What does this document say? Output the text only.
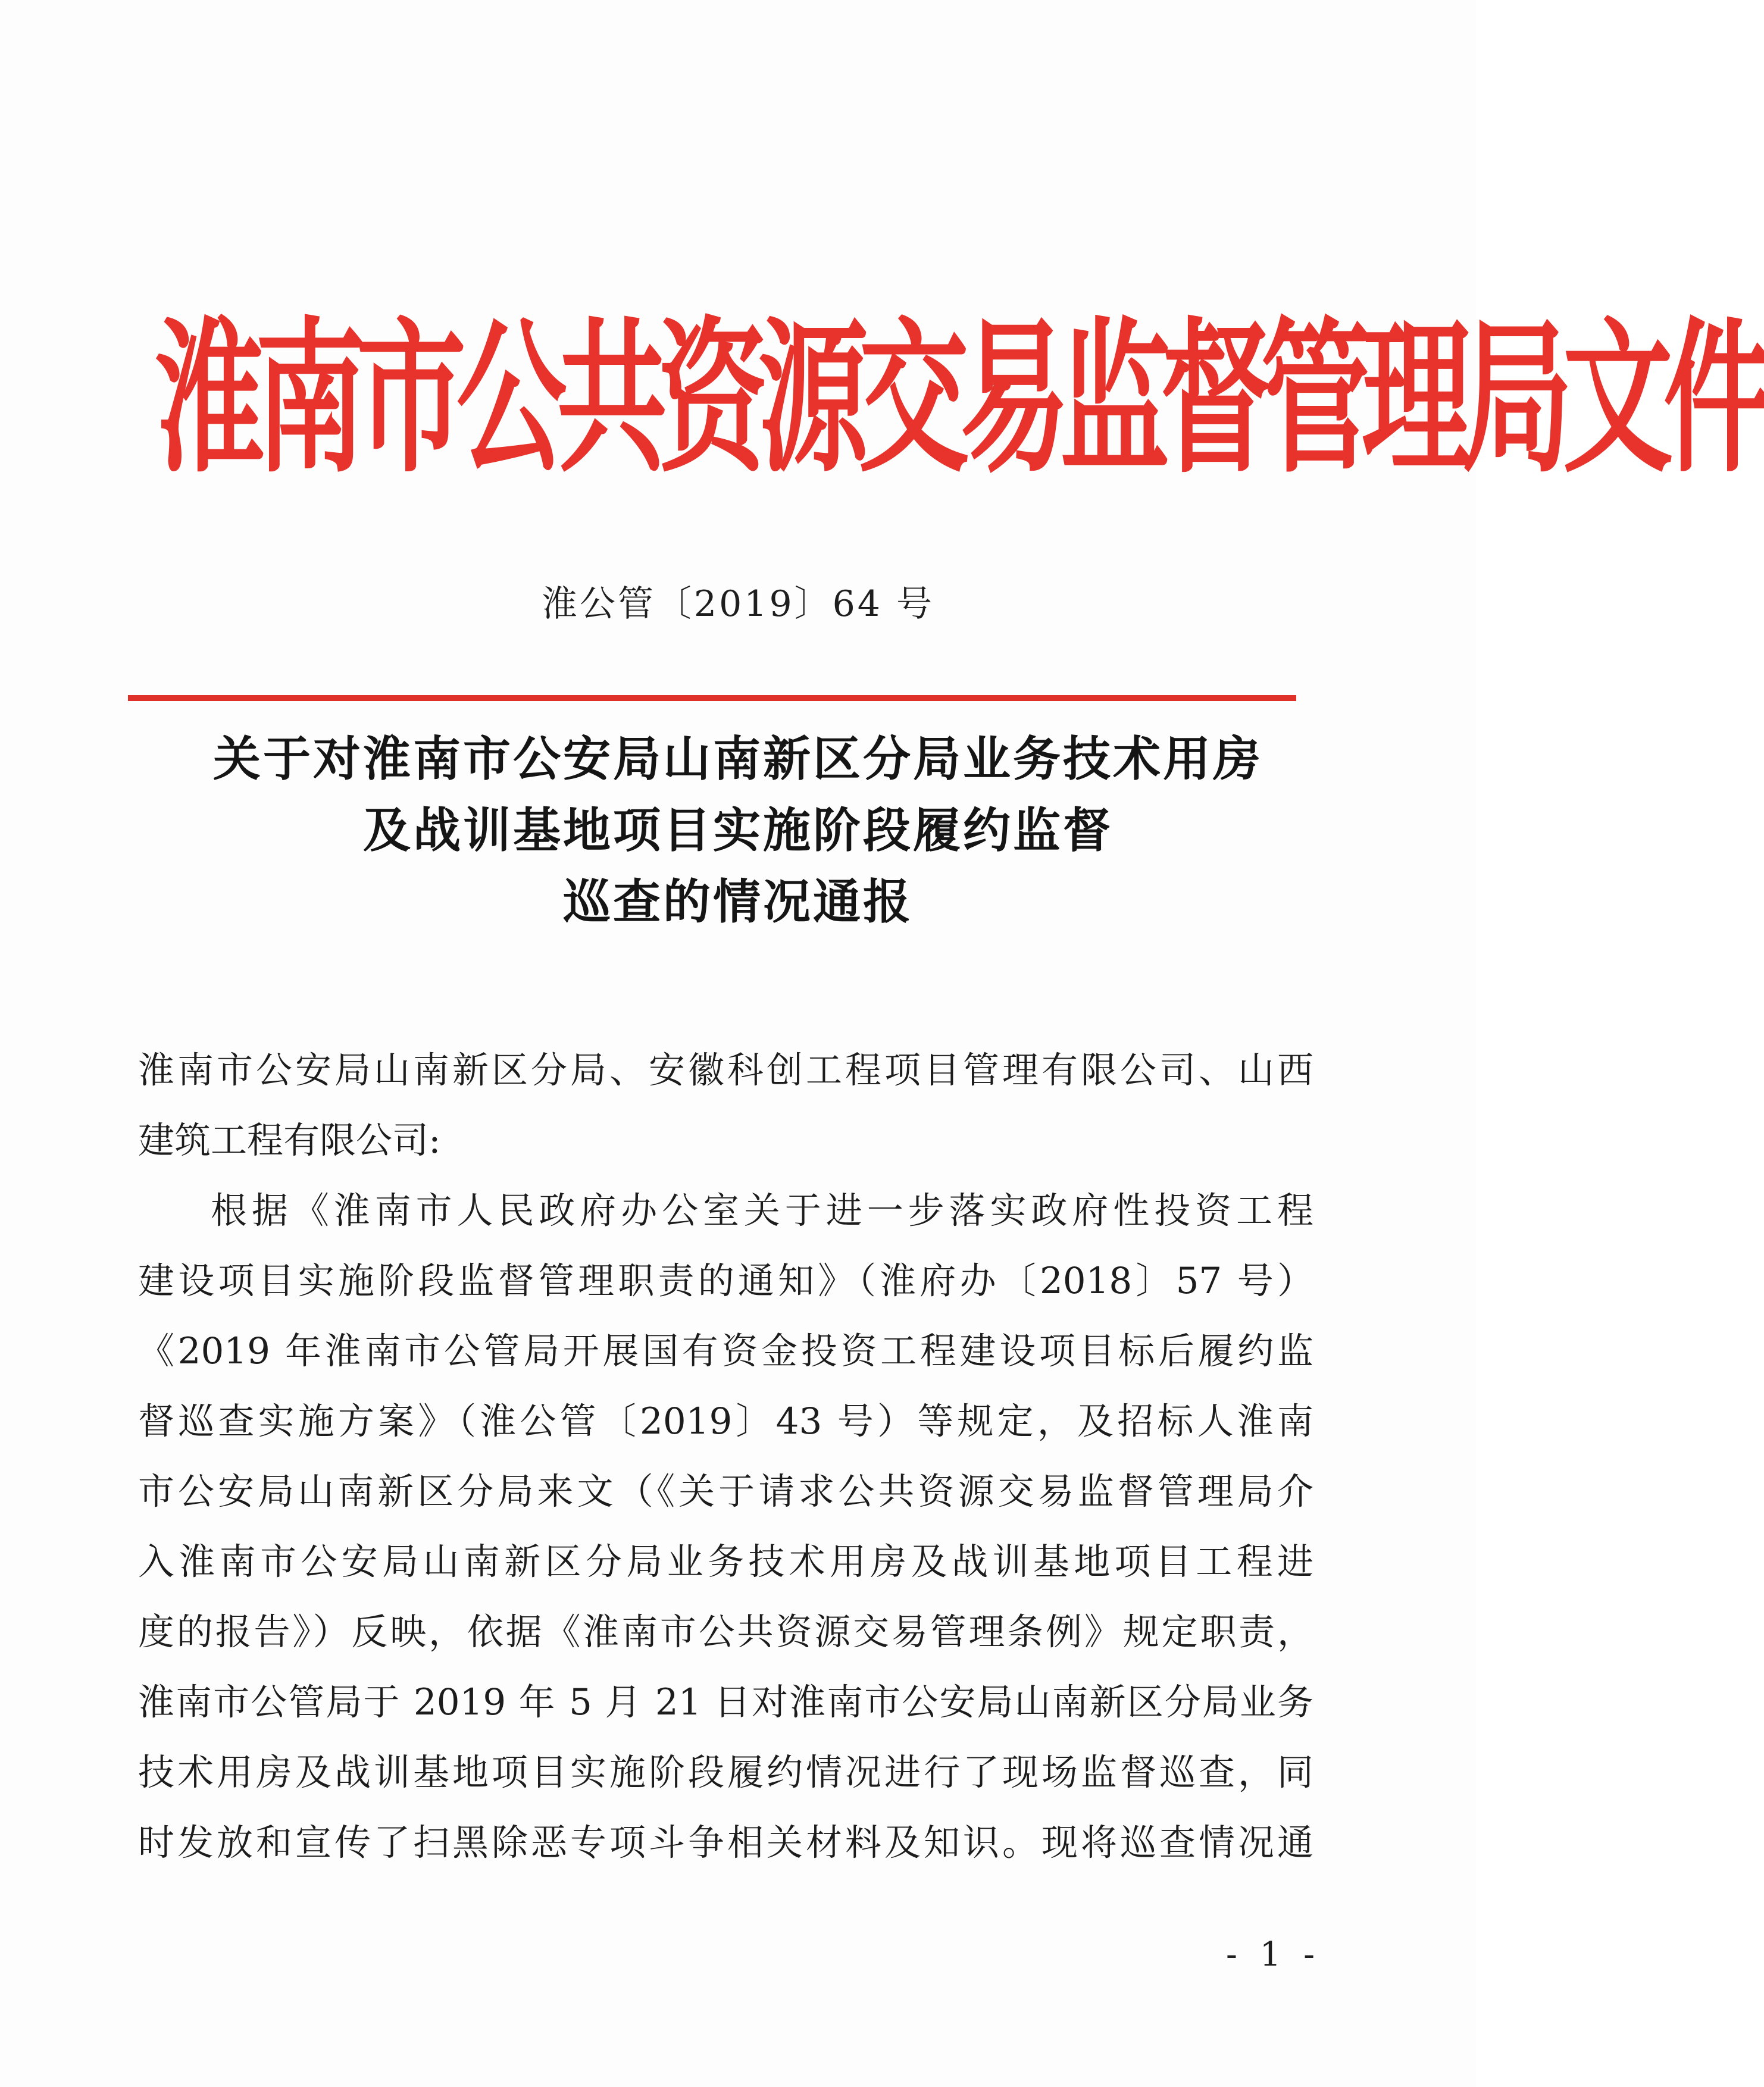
淮南市公共资源交易监督管理局文件
淮公管〔2019〕64 号
关于对淮南市公安局山南新区分局业务技术用房
及战训基地项目实施阶段履约监督
巡查的情况通报
淮南市公安局山南新区分局、安徽科创工程项目管理有限公司、山西
建筑工程有限公司:
根据《淮南市人民政府办公室关于进一步落实政府性投资工程
建设项目实施阶段监督管理职责的通知》（淮府办〔2018〕57 号）
《2019 年淮南市公管局开展国有资金投资工程建设项目标后履约监
督巡查实施方案》（淮公管〔2019〕43 号）等规定，及招标人淮南
市公安局山南新区分局来文（《关于请求公共资源交易监督管理局介
入淮南市公安局山南新区分局业务技术用房及战训基地项目工程进
度的报告》）反映，依据《淮南市公共资源交易管理条例》规定职责，
淮南市公管局于 2019 年 5 月 21 日对淮南市公安局山南新区分局业务
技术用房及战训基地项目实施阶段履约情况进行了现场监督巡查，同
时发放和宣传了扫黑除恶专项斗争相关材料及知识。现将巡查情况通
- 1 -
